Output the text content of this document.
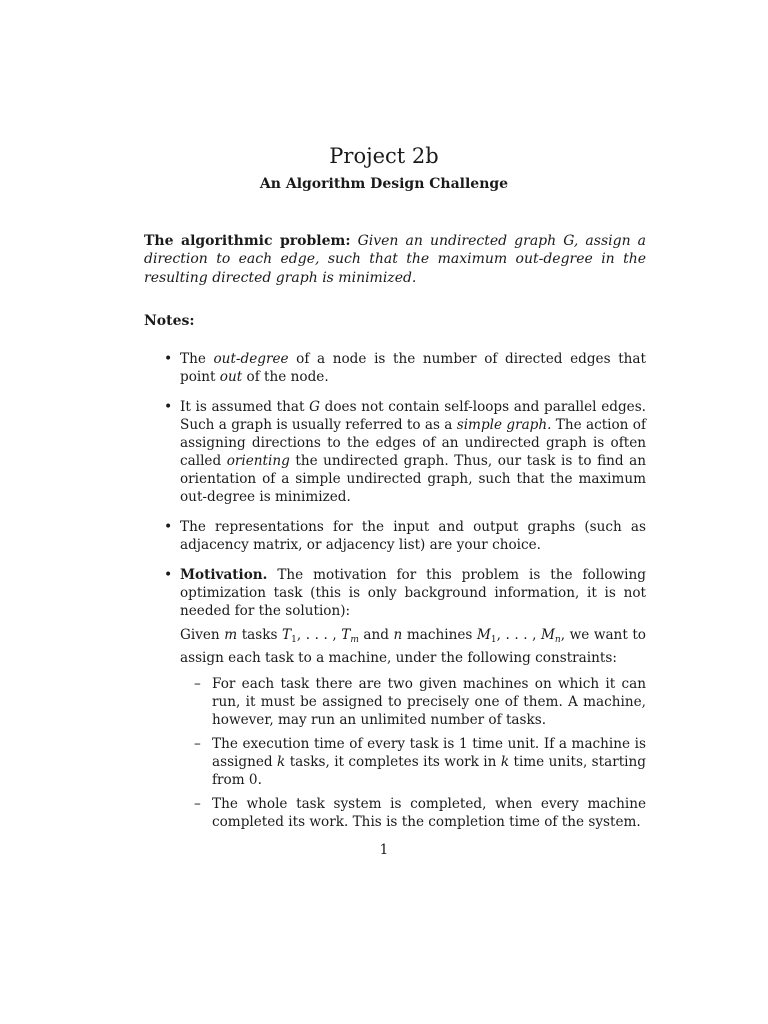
Project 2b
An Algorithm Design Challenge
The algorithmic problem: Given an undirected graph G, assign a direction to each edge, such that the maximum out-degree in the resulting directed graph is minimized.
Notes:
• The out-degree of a node is the number of directed edges that point out of the node.
• It is assumed that G does not contain self-loops and parallel edges. Such a graph is usually referred to as a simple graph. The action of assigning directions to the edges of an undirected graph is often called orienting the undirected graph. Thus, our task is to find an orientation of a simple undirected graph, such that the maximum out-degree is minimized.
• The representations for the input and output graphs (such as adjacency matrix, or adjacency list) are your choice.
• Motivation. The motivation for this problem is the following optimization task (this is only background information, it is not needed for the solution):
Given m tasks $T_1$, . . . , $T_m$ and n machines $M_1$, . . . , $M_n$, we want to assign each task to a machine, under the following constraints:
– For each task there are two given machines on which it can run, it must be assigned to precisely one of them. A machine, however, may run an unlimited number of tasks.
– The execution time of every task is 1 time unit. If a machine is assigned k tasks, it completes its work in k time units, starting from 0.
– The whole task system is completed, when every machine completed its work. This is the completion time of the system.
1
